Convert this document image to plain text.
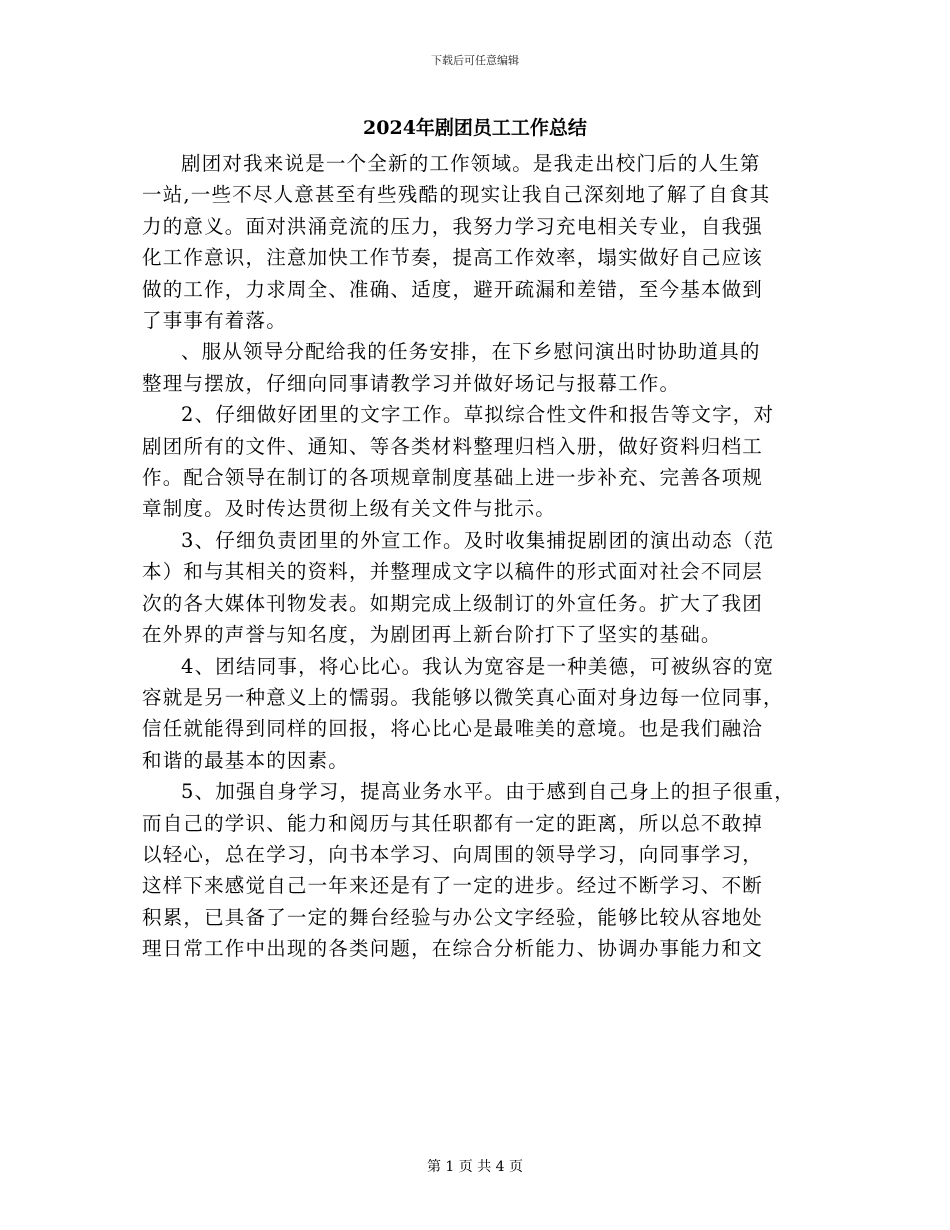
下载后可任意编辑
2024年剧团员工工作总结

剧团对我来说是一个全新的工作领域。是我走出校门后的人生第
一站,一些不尽人意甚至有些残酷的现实让我自己深刻地了解了自食其
力的意义。面对洪涌竞流的压力，我努力学习充电相关专业，自我强
化工作意识，注意加快工作节奏，提高工作效率，塌实做好自己应该
做的工作，力求周全、准确、适度，避开疏漏和差错，至今基本做到
了事事有着落。

、服从领导分配给我的任务安排，在下乡慰问演出时协助道具的
整理与摆放，仔细向同事请教学习并做好场记与报幕工作。

2、仔细做好团里的文字工作。草拟综合性文件和报告等文字，对
剧团所有的文件、通知、等各类材料整理归档入册，做好资料归档工
作。配合领导在制订的各项规章制度基础上进一步补充、完善各项规
章制度。及时传达贯彻上级有关文件与批示。

3、仔细负责团里的外宣工作。及时收集捕捉剧团的演出动态（范
本）和与其相关的资料，并整理成文字以稿件的形式面对社会不同层
次的各大媒体刊物发表。如期完成上级制订的外宣任务。扩大了我团
在外界的声誉与知名度，为剧团再上新台阶打下了坚实的基础。

4、团结同事，将心比心。我认为宽容是一种美德，可被纵容的宽
容就是另一种意义上的懦弱。我能够以微笑真心面对身边每一位同事，
信任就能得到同样的回报，将心比心是最唯美的意境。也是我们融洽
和谐的最基本的因素。

5、加强自身学习，提高业务水平。由于感到自己身上的担子很重，
而自己的学识、能力和阅历与其任职都有一定的距离，所以总不敢掉
以轻心，总在学习，向书本学习、向周围的领导学习，向同事学习，
这样下来感觉自己一年来还是有了一定的进步。经过不断学习、不断
积累，已具备了一定的舞台经验与办公文字经验，能够比较从容地处
理日常工作中出现的各类问题，在综合分析能力、协调办事能力和文

第 1 页 共 4 页
